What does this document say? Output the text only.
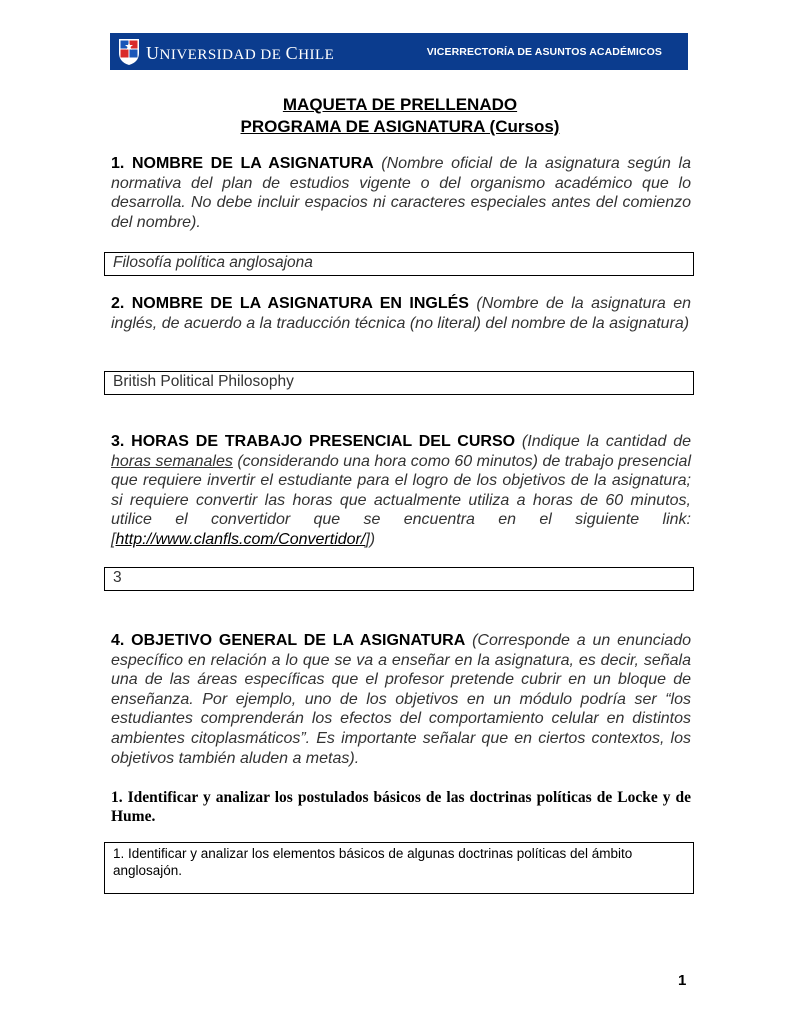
UNIVERSIDAD DE CHILE	VICERRECTORÍA DE ASUNTOS ACADÉMICOS
MAQUETA DE PRELLENADO
PROGRAMA DE ASIGNATURA (Cursos)
1. NOMBRE DE LA ASIGNATURA (Nombre oficial de la asignatura según la normativa del plan de estudios vigente o del organismo académico que lo desarrolla. No debe incluir espacios ni caracteres especiales antes del comienzo del nombre).
Filosofía política anglosajona
2. NOMBRE DE LA ASIGNATURA EN INGLÉS (Nombre de la asignatura en inglés, de acuerdo a la traducción técnica (no literal) del nombre de la asignatura)
British Political Philosophy
3. HORAS DE TRABAJO PRESENCIAL DEL CURSO (Indique la cantidad de horas semanales (considerando una hora como 60 minutos) de trabajo presencial que requiere invertir el estudiante para el logro de los objetivos de la asignatura; si requiere convertir las horas que actualmente utiliza a horas de 60 minutos, utilice el convertidor que se encuentra en el siguiente link: [http://www.clanfls.com/Convertidor/])
3
4. OBJETIVO GENERAL DE LA ASIGNATURA (Corresponde a un enunciado específico en relación a lo que se va a enseñar en la asignatura, es decir, señala una de las áreas específicas que el profesor pretende cubrir en un bloque de enseñanza. Por ejemplo, uno de los objetivos en un módulo podría ser “los estudiantes comprenderán los efectos del comportamiento celular en distintos ambientes citoplasmáticos”. Es importante señalar que en ciertos contextos, los objetivos también aluden a metas).
1. Identificar y analizar los postulados básicos de las doctrinas políticas de Locke y de Hume.
1. Identificar y analizar los elementos básicos de algunas doctrinas políticas del ámbito anglosajón.
1
